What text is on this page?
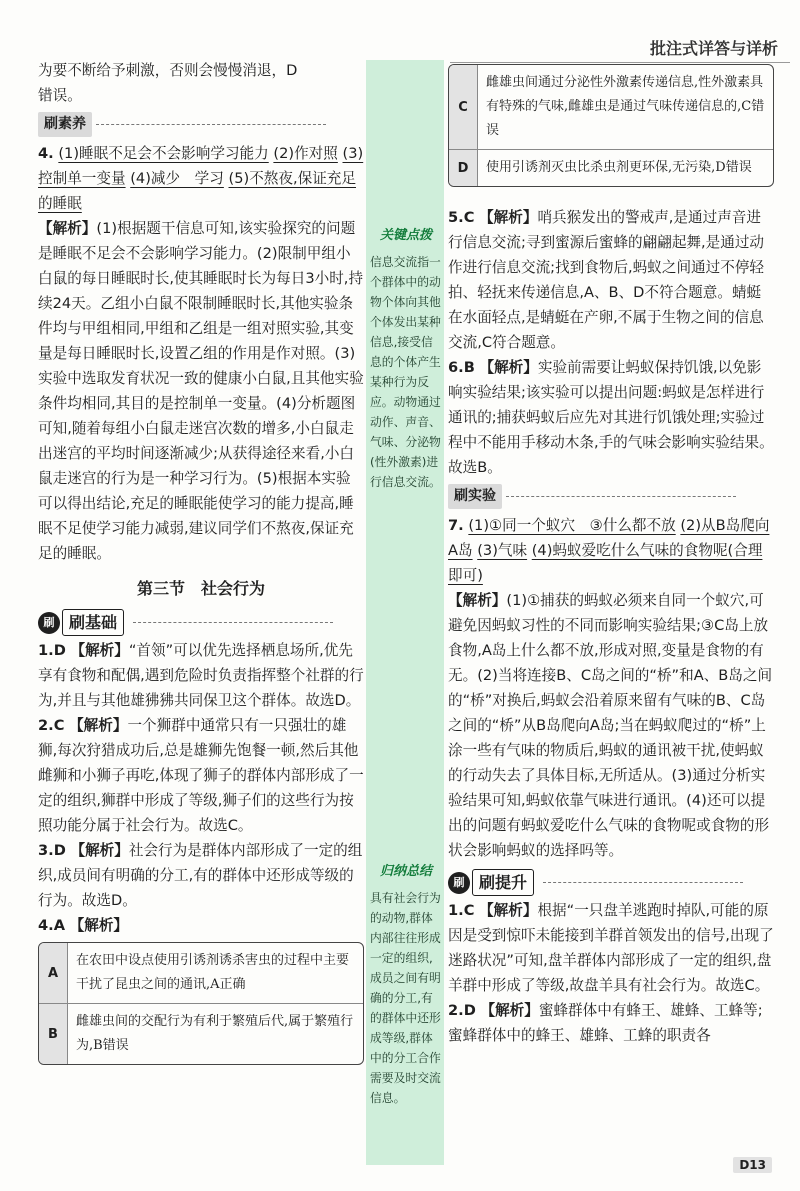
批注式详答与详析

为要不断给予刺激，否则会慢慢消退，D
错误。

刷素养

4. (1)睡眠不足会不会影响学习能力 (2)作对照 (3)控制单一变量 (4)减少　学习 (5)不熬夜,保证充足的睡眠

【解析】(1)根据题干信息可知,该实验探究的问题是睡眠不足会不会影响学习能力。(2)限制甲组小白鼠的每日睡眠时长,使其睡眠时长为每日3小时,持续24天。乙组小白鼠不限制睡眠时长,其他实验条件均与甲组相同,甲组和乙组是一组对照实验,其变量是每日睡眠时长,设置乙组的作用是作对照。(3)实验中选取发育状况一致的健康小白鼠,且其他实验条件均相同,其目的是控制单一变量。(4)分析题图可知,随着每组小白鼠走迷宫次数的增多,小白鼠走出迷宫的平均时间逐渐减少;从获得途径来看,小白鼠走迷宫的行为是一种学习行为。(5)根据本实验可以得出结论,充足的睡眠能使学习的能力提高,睡眠不足使学习能力减弱,建议同学们不熬夜,保证充足的睡眠。

第三节　社会行为
刷 刷基础

1.D 【解析】“首领”可以优先选择栖息场所,优先享有食物和配偶,遇到危险时负责指挥整个社群的行为,并且与其他雄狒狒共同保卫这个群体。故选D。

2.C 【解析】一个狮群中通常只有一只强壮的雄狮,每次狩猎成功后,总是雄狮先饱餐一顿,然后其他雌狮和小狮子再吃,体现了狮子的群体内部形成了一定的组织,狮群中形成了等级,狮子们的这些行为按照功能分属于社会行为。故选C。

3.D 【解析】社会行为是群体内部形成了一定的组织,成员间有明确的分工,有的群体中还形成等级的行为。故选D。

4.A 【解析】

A
在农田中设点使用引诱剂诱杀害虫的过程中主要干扰了昆虫之间的通讯,A正确
B
雌雄虫间的交配行为有利于繁殖后代,属于繁殖行为,B错误
关键点拨
信息交流指一个群体中的动物个体向其他个体发出某种信息,接受信息的个体产生某种行为反应。动物通过动作、声音、气味、分泌物(性外激素)进行信息交流。
归纳总结
具有社会行为的动物,群体内部往往形成一定的组织,成员之间有明确的分工,有的群体中还形成等级,群体中的分工合作需要及时交流信息。
C
雌雄虫间通过分泌性外激素传递信息,性外激素具有特殊的气味,雌雄虫是通过气味传递信息的,C错误
D	使用引诱剂灭虫比杀虫剂更环保,无污染,D错误

5.C 【解析】哨兵猴发出的警戒声,是通过声音进行信息交流;寻到蜜源后蜜蜂的翩翩起舞,是通过动作进行信息交流;找到食物后,蚂蚁之间通过不停轻拍、轻抚来传递信息,A、B、D不符合题意。蜻蜓在水面轻点,是蜻蜓在产卵,不属于生物之间的信息交流,C符合题意。

6.B 【解析】实验前需要让蚂蚁保持饥饿,以免影响实验结果;该实验可以提出问题:蚂蚁是怎样进行通讯的;捕获蚂蚁后应先对其进行饥饿处理;实验过程中不能用手移动木条,手的气味会影响实验结果。故选B。

刷实验

7. (1)①同一个蚁穴　③什么都不放 (2)从B岛爬向A岛 (3)气味 (4)蚂蚁爱吃什么气味的食物呢(合理即可)

【解析】(1)①捕获的蚂蚁必须来自同一个蚁穴,可避免因蚂蚁习性的不同而影响实验结果;③C岛上放食物,A岛上什么都不放,形成对照,变量是食物的有无。(2)当将连接B、C岛之间的“桥”和A、B岛之间的“桥”对换后,蚂蚁会沿着原来留有气味的B、C岛之间的“桥”从B岛爬向A岛;当在蚂蚁爬过的“桥”上涂一些有气味的物质后,蚂蚁的通讯被干扰,使蚂蚁的行动失去了具体目标,无所适从。(3)通过分析实验结果可知,蚂蚁依靠气味进行通讯。(4)还可以提出的问题有蚂蚁爱吃什么气味的食物呢或食物的形状会影响蚂蚁的选择吗等。

刷 刷提升

1.C 【解析】根据“一只盘羊逃跑时掉队,可能的原因是受到惊吓未能接到羊群首领发出的信号,出现了迷路状况”可知,盘羊群体内部形成了一定的组织,盘羊群中形成了等级,故盘羊具有社会行为。故选C。

2.D 【解析】蜜蜂群体中有蜂王、雄蜂、工蜂等;蜜蜂群体中的蜂王、雄蜂、工蜂的职责各

D13
